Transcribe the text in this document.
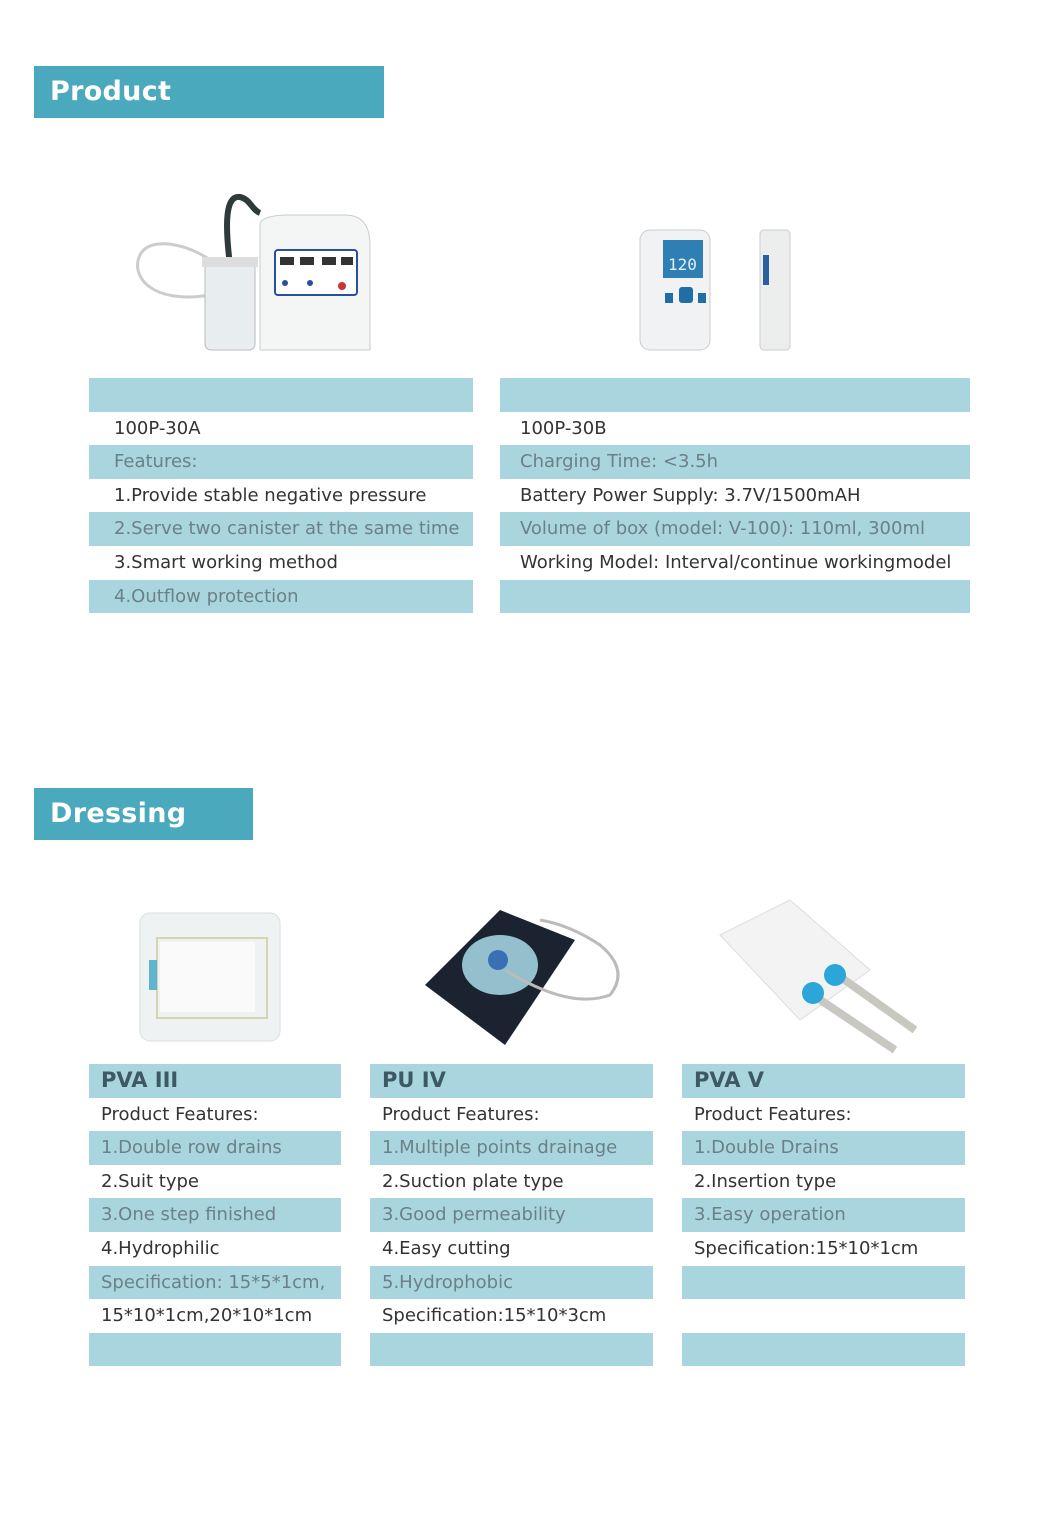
Product Specifications
120
100P-30A
Features:
1.Provide stable negative pressure
2.Serve two canister at the same time
3.Smart working method
4.Outflow protection
100P-30B
Charging Time: <3.5h
Battery Power Supply: 3.7V/1500mAH
Volume of box (model: V-100): 110ml, 300ml
Working Model: Interval/continue workingmodel
Dressing Kits
PVA III
Product Features:
1.Double row drains
2.Suit type
3.One step finished
4.Hydrophilic
Specification: 15*5*1cm,
15*10*1cm,20*10*1cm
PU IV
Product Features:
1.Multiple points drainage
2.Suction plate type
3.Good permeability
4.Easy cutting
5.Hydrophobic
Specification:15*10*3cm
PVA V
Product Features:
1.Double Drains
2.Insertion type
3.Easy operation
Specification:15*10*1cm
